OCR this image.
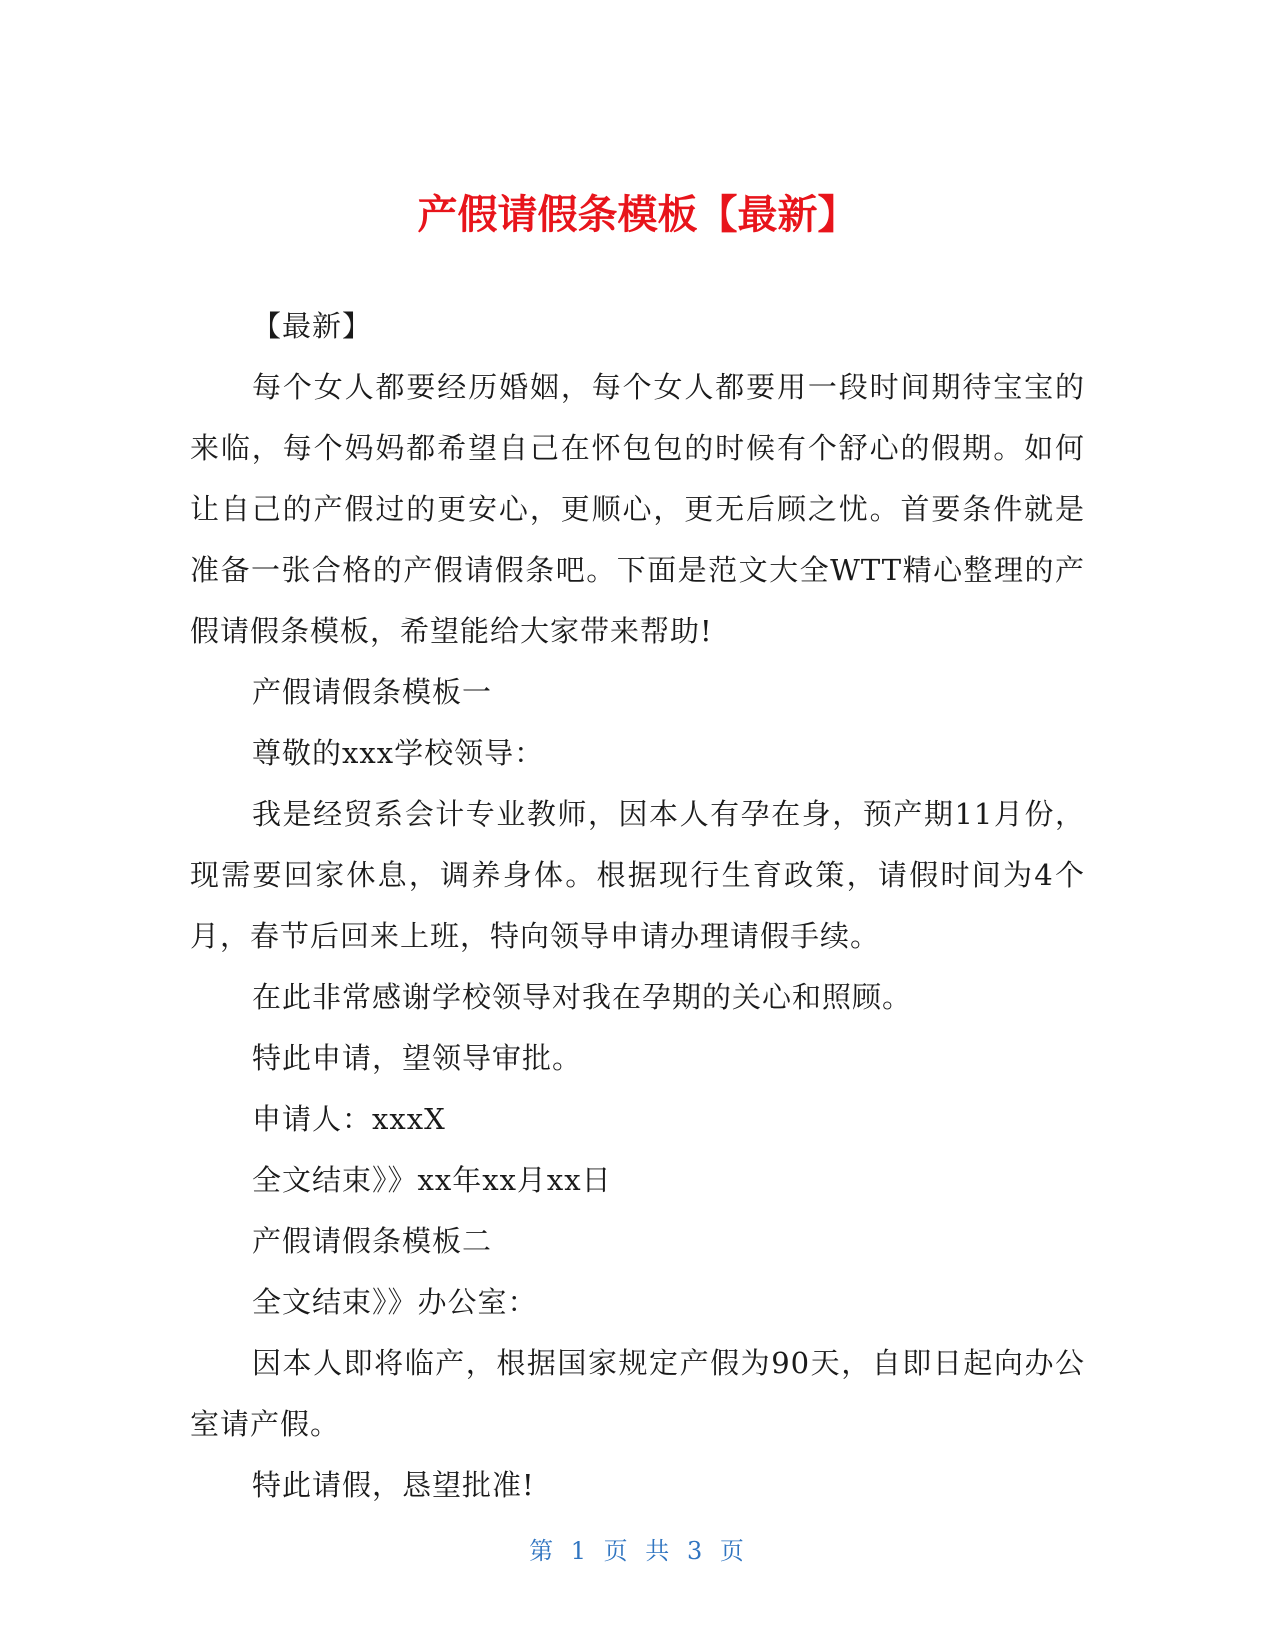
产假请假条模板【最新】

【最新】

每个女人都要经历婚姻，每个女人都要用一段时间期待宝宝的来临，每个妈妈都希望自己在怀包包的时候有个舒心的假期。如何让自己的产假过的更安心，更顺心，更无后顾之忧。首要条件就是准备一张合格的产假请假条吧。下面是范文大全WTT精心整理的产假请假条模板，希望能给大家带来帮助!

产假请假条模板一

尊敬的xxx学校领导：

我是经贸系会计专业教师，因本人有孕在身，预产期11月份，现需要回家休息，调养身体。根据现行生育政策，请假时间为4个月，春节后回来上班，特向领导申请办理请假手续。

在此非常感谢学校领导对我在孕期的关心和照顾。

特此申请，望领导审批。

申请人：xxxX

全文结束》》xx年xx月xx日

产假请假条模板二

全文结束》》办公室：

因本人即将临产，根据国家规定产假为90天，自即日起向办公室请产假。

特此请假，恳望批准!

第 1 页 共 3 页
